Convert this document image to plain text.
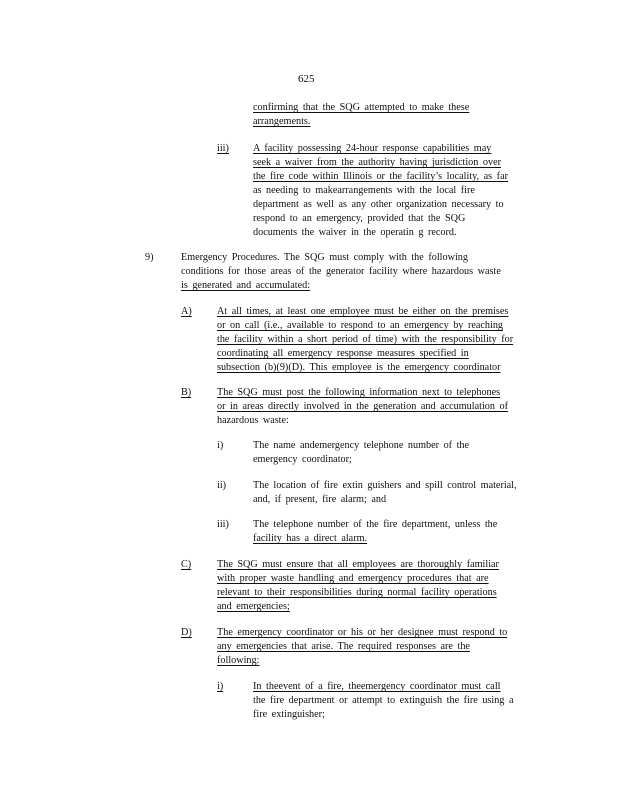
625
confirming that the SQG attempted to make these
arrangements.
iii) A facility possessing 24-hour response capabilities may
seek a waiver from the authority having jurisdiction over
the fire code within Illinois or the facility’s locality, as far
as needing to makearrangements with the local fire
department as well as any other organization necessary to
respond to an emergency, provided that the SQG
documents the waiver in the operatin g record.
9)	Emergency Procedures. The SQG must comply with the following
conditions for those areas of the generator facility where hazardous waste
is generated and accumulated:
A) At all times, at least one employee must be either on the premises
or on call (i.e., available to respond to an emergency by reaching
the facility within a short period of time) with the responsibility for
coordinating all emergency response measures specified in
subsection (b)(9)(D). This employee is the emergency coordinator
B)	The SQG must post the following information next to telephones
or in areas directly involved in the generation and accumulation of
hazardous waste:
i)	The name andemergency telephone number of the
emergency coordinator;
ii)	The location of fire extin guishers and spill control material,
and, if present, fire alarm; and
iii) The telephone number of the fire department, unless the
facility has a direct alarm.
C)	The SQG must ensure that all employees are thoroughly familiar
with proper waste handling and emergency procedures that are
relevant to their responsibilities during normal facility operations
and emergencies;
D) The emergency coordinator or his or her designee must respond to
any emergencies that arise. The required responses are the
following:
i)	In theevent of a fire, theemergency coordinator must call
the fire department or attempt to extinguish the fire using a
fire extinguisher;
